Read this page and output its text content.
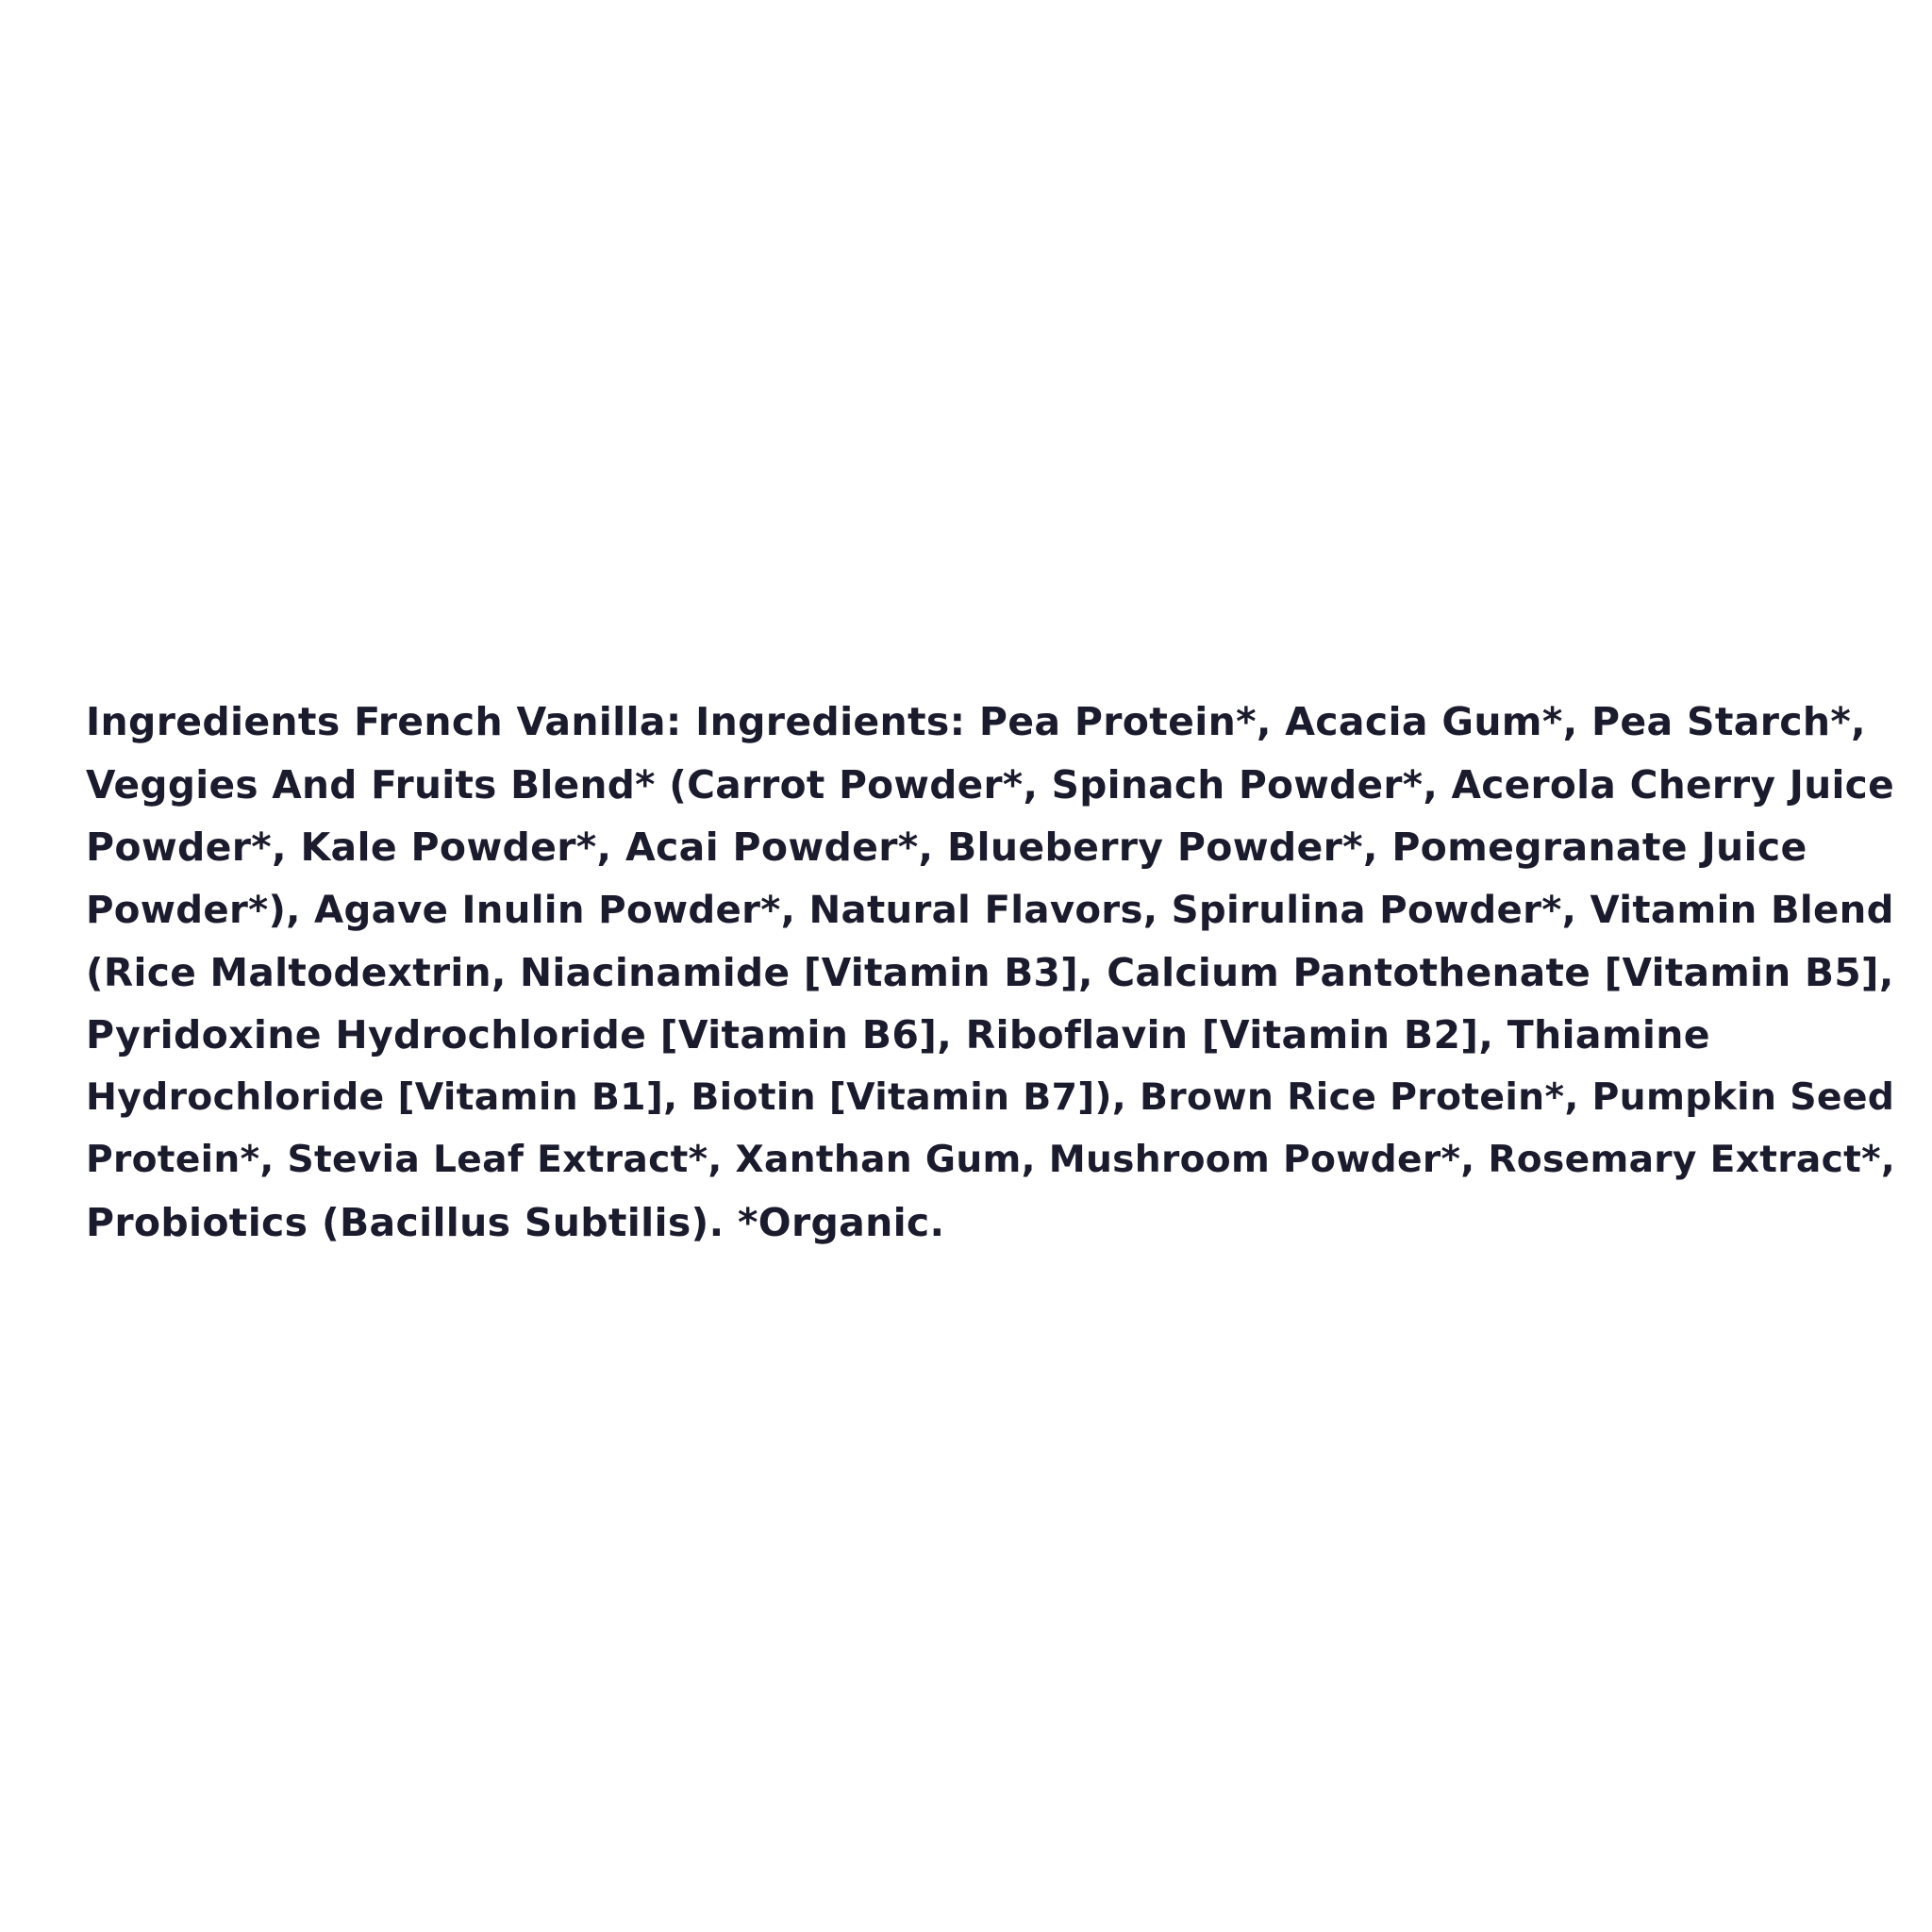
Ingredients French Vanilla: Ingredients: Pea Protein*, Acacia Gum*, Pea Starch*,

Veggies And Fruits Blend* (Carrot Powder*, Spinach Powder*, Acerola Cherry Juice

Powder*, Kale Powder*, Acai Powder*, Blueberry Powder*, Pomegranate Juice

Powder*), Agave Inulin Powder*, Natural Flavors, Spirulina Powder*, Vitamin Blend

(Rice Maltodextrin, Niacinamide [Vitamin B3], Calcium Pantothenate [Vitamin B5],

Pyridoxine Hydrochloride [Vitamin B6], Riboflavin [Vitamin B2], Thiamine

Hydrochloride [Vitamin B1], Biotin [Vitamin B7]), Brown Rice Protein*, Pumpkin Seed

Protein*, Stevia Leaf Extract*, Xanthan Gum, Mushroom Powder*, Rosemary Extract*,

Probiotics (Bacillus Subtilis). *Organic.
